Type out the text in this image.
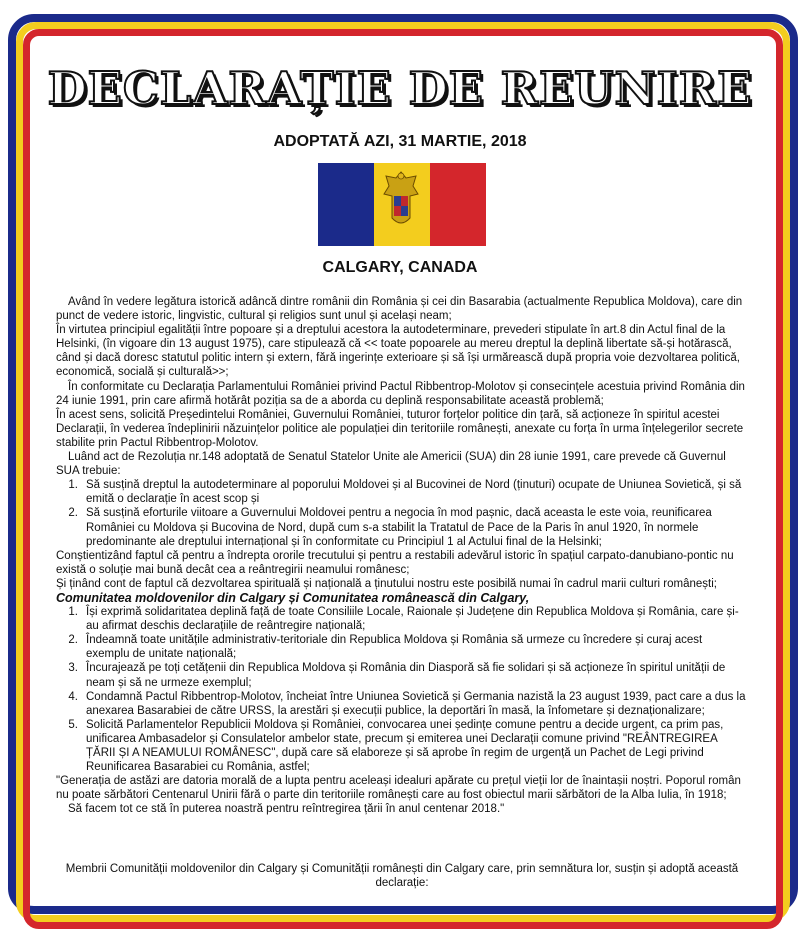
DECLARAȚIE DE REUNIRE
ADOPTATĂ AZI, 31 MARTIE, 2018
CALGARY, CANADA

Având în vedere legătura istorică adâncă dintre românii din România și cei din Basarabia (actualmente Republica Moldova), care din punct de vedere istoric, lingvistic, cultural și religios sunt unul și același neam;

În virtutea principiul egalității între popoare și a dreptului acestora la autodeterminare, prevederi stipulate în art.8 din Actul final de la Helsinki, (în vigoare din 13 august 1975), care stipulează că << toate popoarele au mereu dreptul la deplină libertate să-și hotărască, când și dacă doresc statutul politic intern și extern, fără ingerințe exterioare și să își urmărească după propria voie dezvoltarea politică, economică, socială și culturală>>;

În conformitate cu Declarația Parlamentului României privind Pactul Ribbentrop-Molotov și consecințele acestuia privind România din 24 iunie 1991, prin care afirmă hotărât poziția sa de a aborda cu deplină responsabilitate această problemă;

În acest sens, solicită Președintelui României, Guvernului României, tuturor forțelor politice din țară, să acționeze în spiritul acestei Declarații, în vederea îndeplinirii năzuințelor politice ale populației din teritoriile românești, anexate cu forța în urma înțelegerilor secrete stabilite prin Pactul Ribbentrop-Molotov.

Luând act de Rezoluția nr.148 adoptată de Senatul Statelor Unite ale Americii (SUA) din 28 iunie 1991, care prevede că Guvernul SUA trebuie:

1. Să susțină dreptul la autodeterminare al poporului Moldovei și al Bucovinei de Nord (ținuturi) ocupate de Uniunea Sovietică, și să emită o declarație în acest scop și
2. Să susțină eforturile viitoare a Guvernului Moldovei pentru a negocia în mod pașnic, dacă aceasta le este voia, reunificarea României cu Moldova și Bucovina de Nord, după cum s-a stabilit la Tratatul de Pace de la Paris în anul 1920, în normele predominante ale dreptului internațional și în conformitate cu Principiul 1 al Actului final de la Helsinki;

Conștientizând faptul că pentru a îndrepta ororile trecutului și pentru a restabili adevărul istoric în spațiul carpato-danubiano-pontic nu există o soluție mai bună decât cea a reântregirii neamului românesc;

Și ținând cont de faptul că dezvoltarea spirituală și națională a ținutului nostru este posibilă numai în cadrul marii culturi românești;

Comunitatea moldovenilor din Calgary și Comunitatea românească din Calgary,

1. Își exprimă solidaritatea deplină față de toate Consiliile Locale, Raionale și Județene din Republica Moldova și România, care și-au afirmat deschis declarațiile de reântregire națională;
2. Îndeamnă toate unitățile administrativ-teritoriale din Republica Moldova și România să urmeze cu încredere și curaj acest exemplu de unitate națională;
3. Încurajează pe toți cetățenii din Republica Moldova și România din Diasporă să fie solidari și să acționeze în spiritul unității de neam și să ne urmeze exemplul;
4. Condamnă Pactul Ribbentrop-Molotov, încheiat între Uniunea Sovietică și Germania nazistă la 23 august 1939, pact care a dus la anexarea Basarabiei de către URSS, la arestări și execuții publice, la deportări în masă, la înfometare și deznaționalizare;
5. Solicită Parlamentelor Republicii Moldova și României, convocarea unei ședințe comune pentru a decide urgent, ca prim pas, unificarea Ambasadelor și Consulatelor ambelor state, precum și emiterea unei Declarații comune privind "REÂNTREGIREA ȚĂRII ȘI A NEAMULUI ROMÂNESC", după care să elaboreze și să aprobe în regim de urgență un Pachet de Legi privind Reunificarea Basarabiei cu România, astfel;

"Generația de astăzi are datoria morală de a lupta pentru aceleași idealuri apărate cu prețul vieții lor de înaintașii noștri. Poporul român nu poate sărbători Centenarul Unirii fără o parte din teritoriile românești care au fost obiectul marii sărbători de la Alba Iulia, în 1918;

Să facem tot ce stă în puterea noastră pentru reîntregirea țării în anul centenar 2018."

Membrii Comunității moldovenilor din Calgary și Comunității românești din Calgary care, prin semnătura lor, susțin și adoptă această declarație:
